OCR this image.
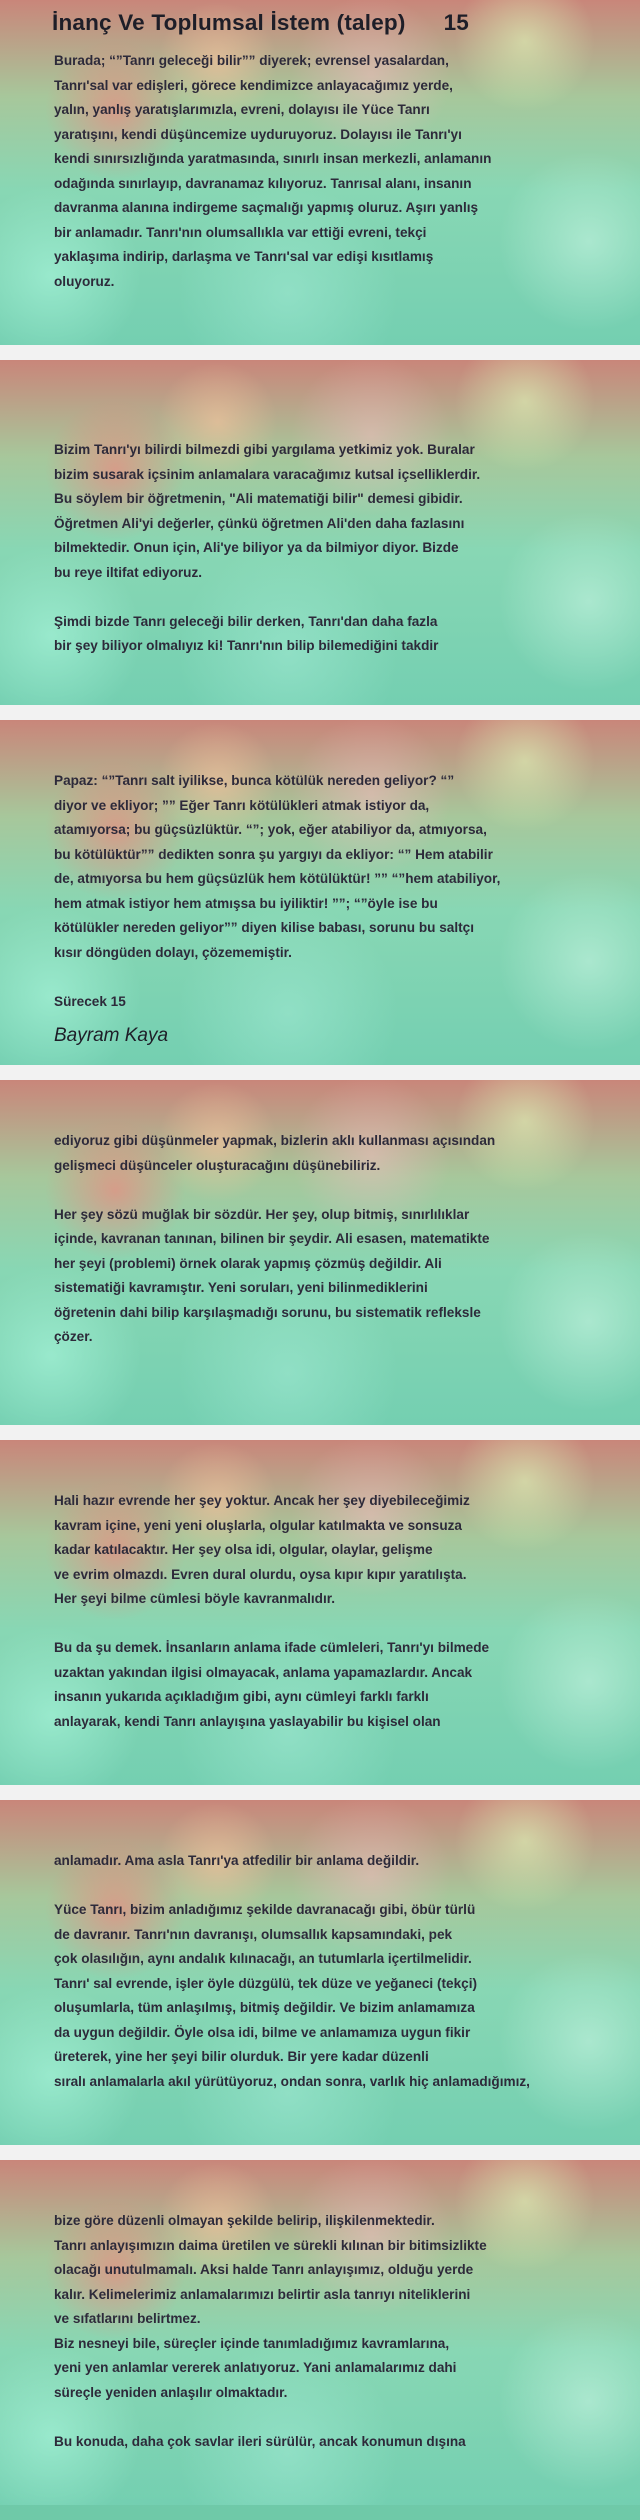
İnanç Ve Toplumsal İstem (talep) 15

Burada; “”Tanrı geleceği bilir”” diyerek; evrensel yasalardan,
Tanrı'sal var edişleri, görece kendimizce anlayacağımız yerde,
yalın, yanlış yaratışlarımızla, evreni, dolayısı ile Yüce Tanrı
yaratışını, kendi düşüncemize uyduruyoruz. Dolayısı ile Tanrı'yı
kendi sınırsızlığında yaratmasında, sınırlı insan merkezli, anlamanın
odağında sınırlayıp, davranamaz kılıyoruz. Tanrısal alanı, insanın
davranma alanına indirgeme saçmalığı yapmış oluruz. Aşırı yanlış
bir anlamadır. Tanrı'nın olumsallıkla var ettiği evreni, tekçi
yaklaşıma indirip, darlaşma ve Tanrı'sal var edişi kısıtlamış
oluyoruz.

Bizim Tanrı'yı bilirdi bilmezdi gibi yargılama yetkimiz yok. Buralar
bizim susarak içsinim anlamalara varacağımız kutsal içselliklerdir.
Bu söylem bir öğretmenin, "Ali matematiği bilir" demesi gibidir.
Öğretmen Ali'yi değerler, çünkü öğretmen Ali'den daha fazlasını
bilmektedir. Onun için, Ali'ye biliyor ya da bilmiyor diyor. Bizde
bu reye iltifat ediyoruz.

Şimdi bizde Tanrı geleceği bilir derken, Tanrı'dan daha fazla
bir şey biliyor olmalıyız ki! Tanrı'nın bilip bilemediğini takdir

Papaz: “”Tanrı salt iyilikse, bunca kötülük nereden geliyor? “”
diyor ve ekliyor; ”” Eğer Tanrı kötülükleri atmak istiyor da,
atamıyorsa; bu güçsüzlüktür. “”; yok, eğer atabiliyor da, atmıyorsa,
bu kötülüktür”” dedikten sonra şu yargıyı da ekliyor: “” Hem atabilir
de, atmıyorsa bu hem güçsüzlük hem kötülüktür! ”” “”hem atabiliyor,
hem atmak istiyor hem atmışsa bu iyiliktir! ””; “”öyle ise bu
kötülükler nereden geliyor”” diyen kilise babası, sorunu bu saltçı
kısır döngüden dolayı, çözememiştir.

Sürecek 15
Bayram Kaya

ediyoruz gibi düşünmeler yapmak, bizlerin aklı kullanması açısından
gelişmeci düşünceler oluşturacağını düşünebiliriz.

Her şey sözü muğlak bir sözdür. Her şey, olup bitmiş, sınırlılıklar
içinde, kavranan tanınan, bilinen bir şeydir. Ali esasen, matematikte
her şeyi (problemi) örnek olarak yapmış çözmüş değildir. Ali
sistematiği kavramıştır. Yeni soruları, yeni bilinmediklerini
öğretenin dahi bilip karşılaşmadığı sorunu, bu sistematik refleksle
çözer.

Hali hazır evrende her şey yoktur. Ancak her şey diyebileceğimiz
kavram içine, yeni yeni oluşlarla, olgular katılmakta ve sonsuza
kadar katılacaktır. Her şey olsa idi, olgular, olaylar, gelişme
ve evrim olmazdı. Evren dural olurdu, oysa kıpır kıpır yaratılışta.
Her şeyi bilme cümlesi böyle kavranmalıdır.

Bu da şu demek. İnsanların anlama ifade cümleleri, Tanrı'yı bilmede
uzaktan yakından ilgisi olmayacak, anlama yapamazlardır. Ancak
insanın yukarıda açıkladığım gibi, aynı cümleyi farklı farklı
anlayarak, kendi Tanrı anlayışına yaslayabilir bu kişisel olan

anlamadır. Ama asla Tanrı'ya atfedilir bir anlama değildir.

Yüce Tanrı, bizim anladığımız şekilde davranacağı gibi, öbür türlü
de davranır. Tanrı'nın davranışı, olumsallık kapsamındaki, pek
çok olasılığın, aynı andalık kılınacağı, an tutumlarla içertilmelidir.
Tanrı' sal evrende, işler öyle düzgülü, tek düze ve yeğaneci (tekçi)
oluşumlarla, tüm anlaşılmış, bitmiş değildir. Ve bizim anlamamıza
da uygun değildir. Öyle olsa idi, bilme ve anlamamıza uygun fikir
üreterek, yine her şeyi bilir olurduk. Bir yere kadar düzenli
sıralı anlamalarla akıl yürütüyoruz, ondan sonra, varlık hiç anlamadığımız,

bize göre düzenli olmayan şekilde belirip, ilişkilenmektedir.
Tanrı anlayışımızın daima üretilen ve sürekli kılınan bir bitimsizlikte
olacağı unutulmamalı. Aksi halde Tanrı anlayışımız, olduğu yerde
kalır. Kelimelerimiz anlamalarımızı belirtir asla tanrıyı niteliklerini
ve sıfatlarını belirtmez.
Biz nesneyi bile, süreçler içinde tanımladığımız kavramlarına,
yeni yen anlamlar vererek anlatıyoruz. Yani anlamalarımız dahi
süreçle yeniden anlaşılır olmaktadır.

Bu konuda, daha çok savlar ileri sürülür, ancak konumun dışına
